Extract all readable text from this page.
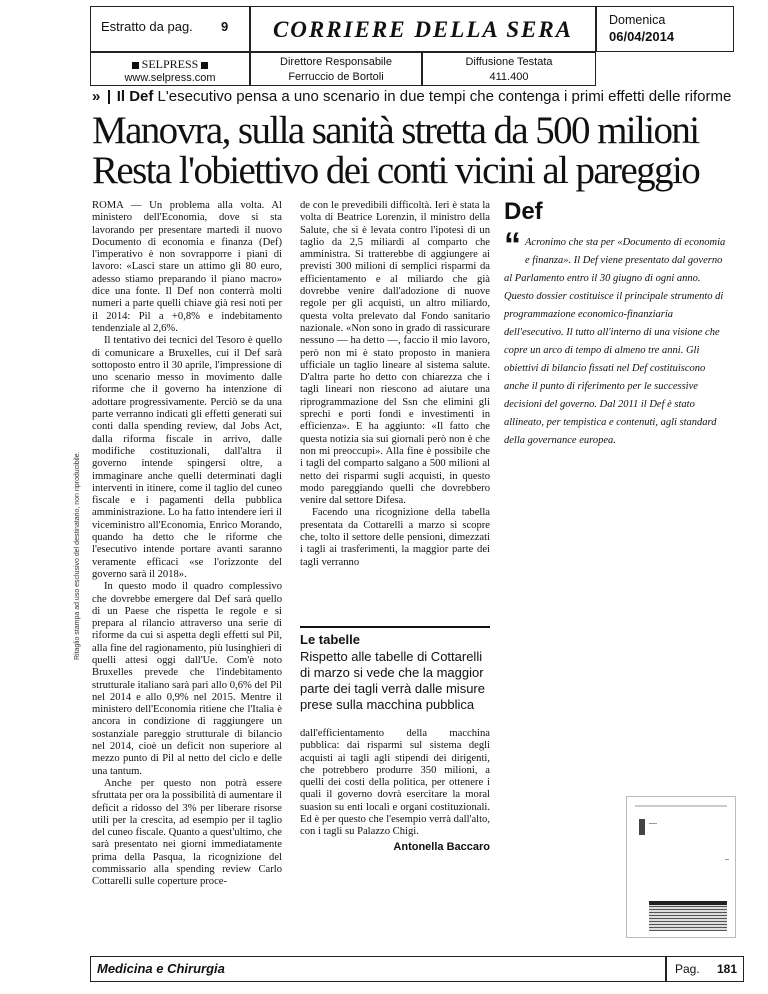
Estratto da pag. 9	CORRIERE DELLA SERA	Domenica
06/04/2014
SELPRESS
www.selpress.com
Direttore Responsabile
Ferruccio de Bortoli
Diffusione Testata
411.400
» Il Def L'esecutivo pensa a uno scenario in due tempi che contenga i primi effetti delle riforme
Manovra, sulla sanità stretta da 500 milioni
Resta l'obiettivo dei conti vicini al pareggio
Ritaglio stampa ad uso esclusivo del destinatario, non riproducibile.

ROMA — Un problema alla volta. Al ministero dell'Economia, dove si sta lavorando per presentare martedì il nuovo Documento di economia e finanza (Def) l'imperativo è non sovrapporre i piani di lavoro: «Lasci stare un attimo gli 80 euro, adesso stiamo preparando il piano macro» dice una fonte. Il Def non conterrà molti numeri a parte quelli chiave già resi noti per il 2014: Pil a +0,8% e indebitamento tendenziale al 2,6%.

Il tentativo dei tecnici del Tesoro è quello di comunicare a Bruxelles, cui il Def sarà sottoposto entro il 30 aprile, l'impressione di uno scenario messo in movimento dalle riforme che il governo ha intenzione di adottare progressivamente. Perciò se da una parte verranno indicati gli effetti generati sui conti dalla spending review, dal Jobs Act, dalla riforma fiscale in arrivo, dalle modifiche costituzionali, dall'altra il governo intende spingersi oltre, a immaginare anche quelli determinati dagli interventi in itinere, come il taglio del cuneo fiscale e i pagamenti della pubblica amministrazione. Lo ha fatto intendere ieri il viceministro all'Economia, Enrico Morando, quando ha detto che le riforme che l'esecutivo intende portare avanti saranno veramente efficaci «se l'orizzonte del governo sarà il 2018».

In questo modo il quadro complessivo che dovrebbe emergere dal Def sarà quello di un Paese che rispetta le regole e si prepara al rilancio attraverso una serie di riforme da cui si aspetta degli effetti sul Pil, alla fine del ragionamento, più lusinghieri di quelli attesi oggi dall'Ue. Com'è noto Bruxelles prevede che l'indebitamento strutturale italiano sarà pari allo 0,6% del Pil nel 2014 e allo 0,9% nel 2015. Mentre il ministero dell'Economia ritiene che l'Italia è ancora in condizione di raggiungere un sostanziale pareggio strutturale di bilancio nel 2014, cioè un deficit non superiore al mezzo punto di Pil al netto del ciclo e delle una tantum.

Anche per questo non potrà essere sfruttata per ora la possibilità di aumentare il deficit a ridosso del 3% per liberare risorse utili per la crescita, ad esempio per il taglio del cuneo fiscale. Quanto a quest'ultimo, che sarà presentato nei giorni immediatamente prima della Pasqua, la ricognizione del commissario alla spending review Carlo Cottarelli sulle coperture proce-

de con le prevedibili difficoltà. Ieri è stata la volta di Beatrice Lorenzin, il ministro della Salute, che si è levata contro l'ipotesi di un taglio da 2,5 miliardi al comparto che amministra. Si tratterebbe di aggiungere ai previsti 300 milioni di semplici risparmi da efficientamento e al miliardo che già dovrebbe venire dall'adozione di nuove regole per gli acquisti, un altro miliardo, questa volta prelevato dal Fondo sanitario nazionale. «Non sono in grado di rassicurare nessuno — ha detto —, faccio il mio lavoro, però non mi è stato proposto in maniera ufficiale un taglio lineare al sistema salute. D'altra parte ho detto con chiarezza che i tagli lineari non riescono ad aiutare una riprogrammazione del Ssn che elimini gli sprechi e porti fondi e investimenti in efficienza». E ha aggiunto: «Il fatto che questa notizia sia sui giornali però non è che non mi preoccupi». Alla fine è possibile che i tagli del comparto salgano a 500 milioni al netto dei risparmi sugli acquisti, in questo modo pareggiando quelli che dovrebbero venire dal settore Difesa.

Facendo una ricognizione della tabella presentata da Cottarelli a marzo si scopre che, tolto il settore delle pensioni, dimezzati i tagli ai trasferimenti, la maggior parte dei tagli verranno

Le tabelle
Rispetto alle tabelle di Cottarelli di marzo si vede che la maggior parte dei tagli verrà dalle misure prese sulla macchina pubblica

dall'efficientamento della macchina pubblica: dai risparmi sul sistema degli acquisti ai tagli agli stipendi dei dirigenti, che potrebbero produrre 350 milioni, a quelli dei costi della politica, per ottenere i quali il governo dovrà esercitare la moral suasion su enti locali e organi costituzionali. Ed è per questo che l'esempio verrà dall'alto, con i tagli su Palazzo Chigi.

Antonella Baccaro
Def
“ Acronimo che sta per «Documento di economia e finanza». Il Def viene presentato dal governo al Parlamento entro il 30 giugno di ogni anno. Questo dossier costituisce il principale strumento di programmazione economico-finanziaria dell'esecutivo. Il tutto all'interno di una visione che copre un arco di tempo di almeno tre anni. Gli obiettivi di bilancio fissati nel Def costituiscono anche il punto di riferimento per le successive decisioni del governo. Dal 2011 il Def è stato allineato, per tempistica e contenuti, agli standard della governance europea.
Medicina e Chirurgia	Pag. 181
